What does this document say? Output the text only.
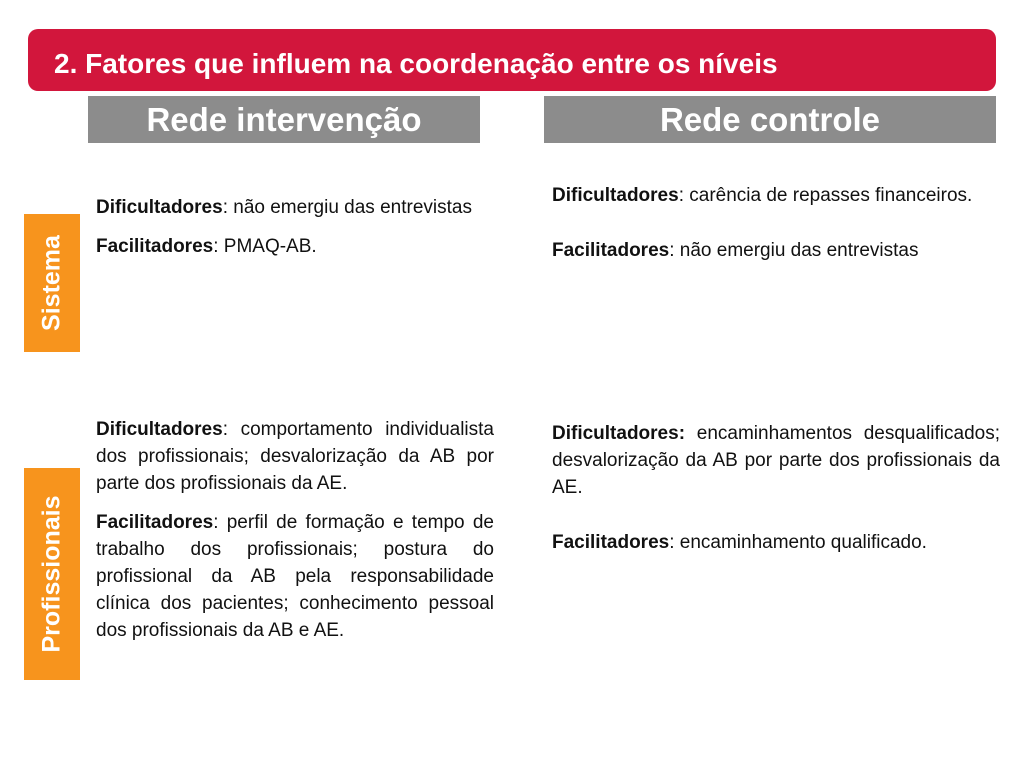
2. Fatores que influem na coordenação entre os níveis
Rede intervenção	Rede controle
Sistema
Profissionais

Dificultadores: não emergiu das entrevistas

Facilitadores: PMAQ-AB.

Dificultadores: carência de repasses financeiros.

Facilitadores: não emergiu das entrevistas

Dificultadores: comportamento individualista dos profissionais; desvalorização da AB por parte dos profissionais da AE.

Facilitadores: perfil de formação e tempo de trabalho dos profissionais; postura do profissional da AB pela responsabilidade clínica dos pacientes; conhecimento pessoal dos profissionais da AB e AE.

Dificultadores: encaminhamentos desqualificados; desvalorização da AB por parte dos profissionais da AE.

Facilitadores: encaminhamento qualificado.
